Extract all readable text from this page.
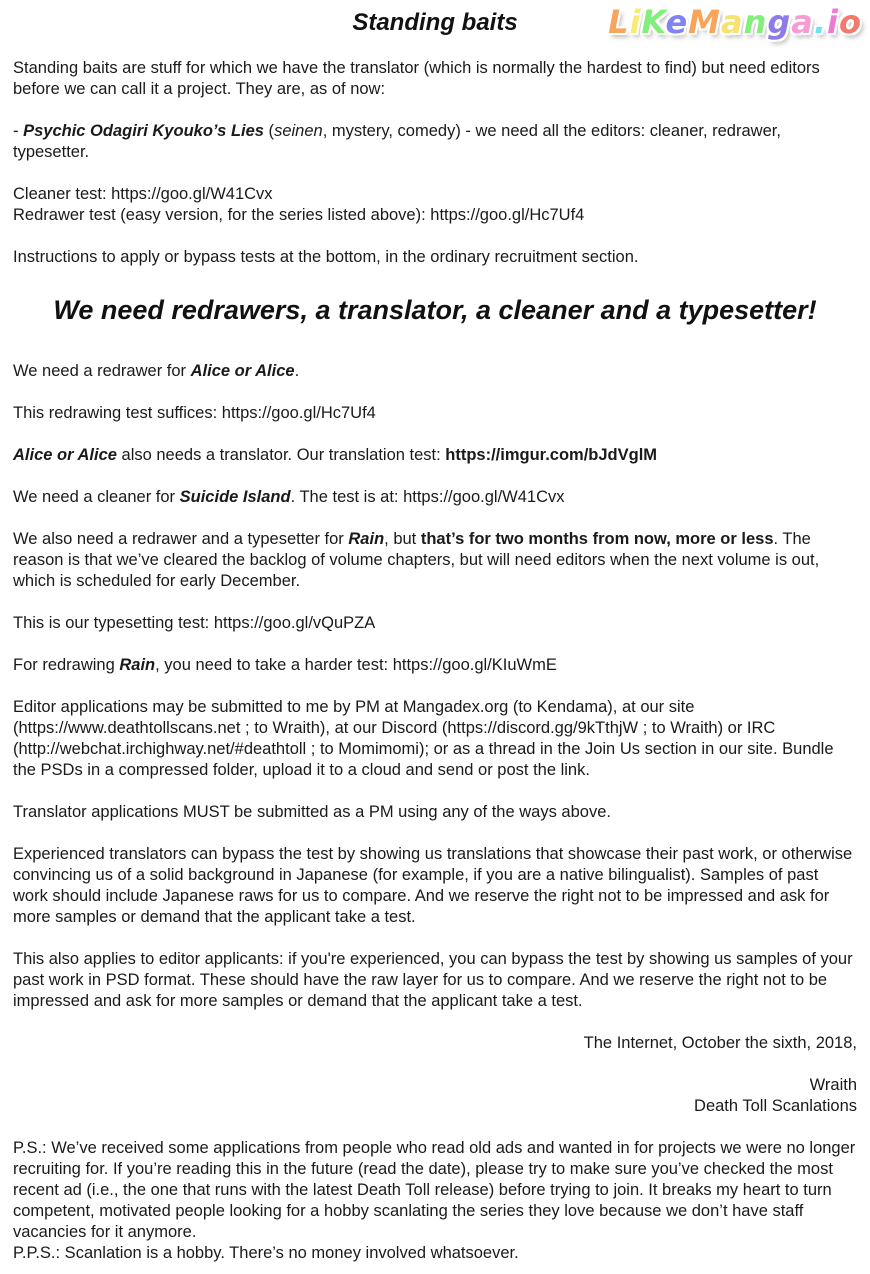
LiKeManga.io
Standing baits

Standing baits are stuff for which we have the translator (which is normally the hardest to find) but need editors before we can call it a project. They are, as of now:

- Psychic Odagiri Kyouko’s Lies (seinen, mystery, comedy) - we need all the editors: cleaner, redrawer, typesetter.

Cleaner test: https://goo.gl/W41Cvx
Redrawer test (easy version, for the series listed above): https://goo.gl/Hc7Uf4

Instructions to apply or bypass tests at the bottom, in the ordinary recruitment section.

We need redrawers, a translator, a cleaner and a typesetter!

We need a redrawer for Alice or Alice.

This redrawing test suffices: https://goo.gl/Hc7Uf4

Alice or Alice also needs a translator. Our translation test: https://imgur.com/bJdVglM

We need a cleaner for Suicide Island. The test is at: https://goo.gl/W41Cvx

We also need a redrawer and a typesetter for Rain, but that’s for two months from now, more or less. The reason is that we’ve cleared the backlog of volume chapters, but will need editors when the next volume is out, which is scheduled for early December.

This is our typesetting test: https://goo.gl/vQuPZA

For redrawing Rain, you need to take a harder test: https://goo.gl/KIuWmE

Editor applications may be submitted to me by PM at Mangadex.org (to Kendama), at our site (https://www.deathtollscans.net ; to Wraith), at our Discord (https://discord.gg/9kTthjW ; to Wraith) or IRC (http://webchat.irchighway.net/#deathtoll ; to Momimomi); or as a thread in the Join Us section in our site. Bundle the PSDs in a compressed folder, upload it to a cloud and send or post the link.

Translator applications MUST be submitted as a PM using any of the ways above.

Experienced translators can bypass the test by showing us translations that showcase their past work, or otherwise convincing us of a solid background in Japanese (for example, if you are a native bilingualist). Samples of past work should include Japanese raws for us to compare. And we reserve the right not to be impressed and ask for more samples or demand that the applicant take a test.

This also applies to editor applicants: if you're experienced, you can bypass the test by showing us samples of your past work in PSD format. These should have the raw layer for us to compare. And we reserve the right not to be impressed and ask for more samples or demand that the applicant take a test.

The Internet, October the sixth, 2018,

Wraith
Death Toll Scanlations

P.S.: We’ve received some applications from people who read old ads and wanted in for projects we were no longer recruiting for. If you’re reading this in the future (read the date), please try to make sure you’ve checked the most recent ad (i.e., the one that runs with the latest Death Toll release) before trying to join. It breaks my heart to turn competent, motivated people looking for a hobby scanlating the series they love because we don’t have staff vacancies for it anymore.
P.P.S.: Scanlation is a hobby. There’s no money involved whatsoever.
